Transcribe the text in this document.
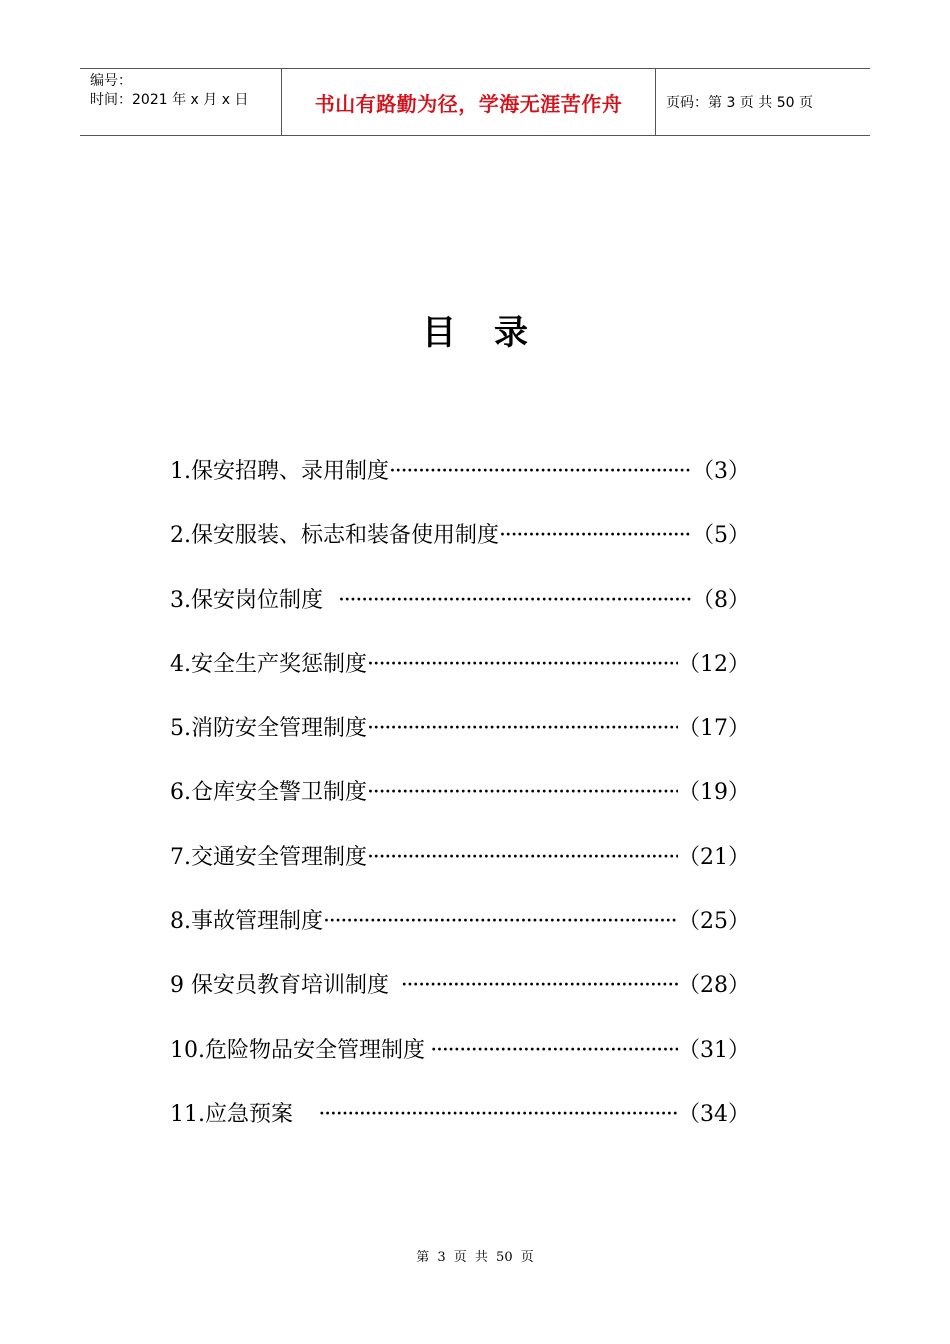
编号：
时间：2021 年 x 月 x 日	书山有路勤为径，学海无涯苦作舟	页码：第 3 页 共 50 页
目录
1.保安招聘、录用制度 ·····	（3）
2.保安服装、标志和装备使用制度 ·····	（5）
3.保安岗位制度 ·····	（8）
4.安全生产奖惩制度 ·····	（12）
5.消防安全管理制度 ·····	（17）
6.仓库安全警卫制度 ·····	（19）
7.交通安全管理制度 ·····	（21）
8.事故管理制度 ·····	（25）
9 保安员教育培训制度 ·····	（28）
10.危险物品安全管理制度 ·····	（31）
11.应急预案 ·····	（34）
第 3 页 共 50 页
